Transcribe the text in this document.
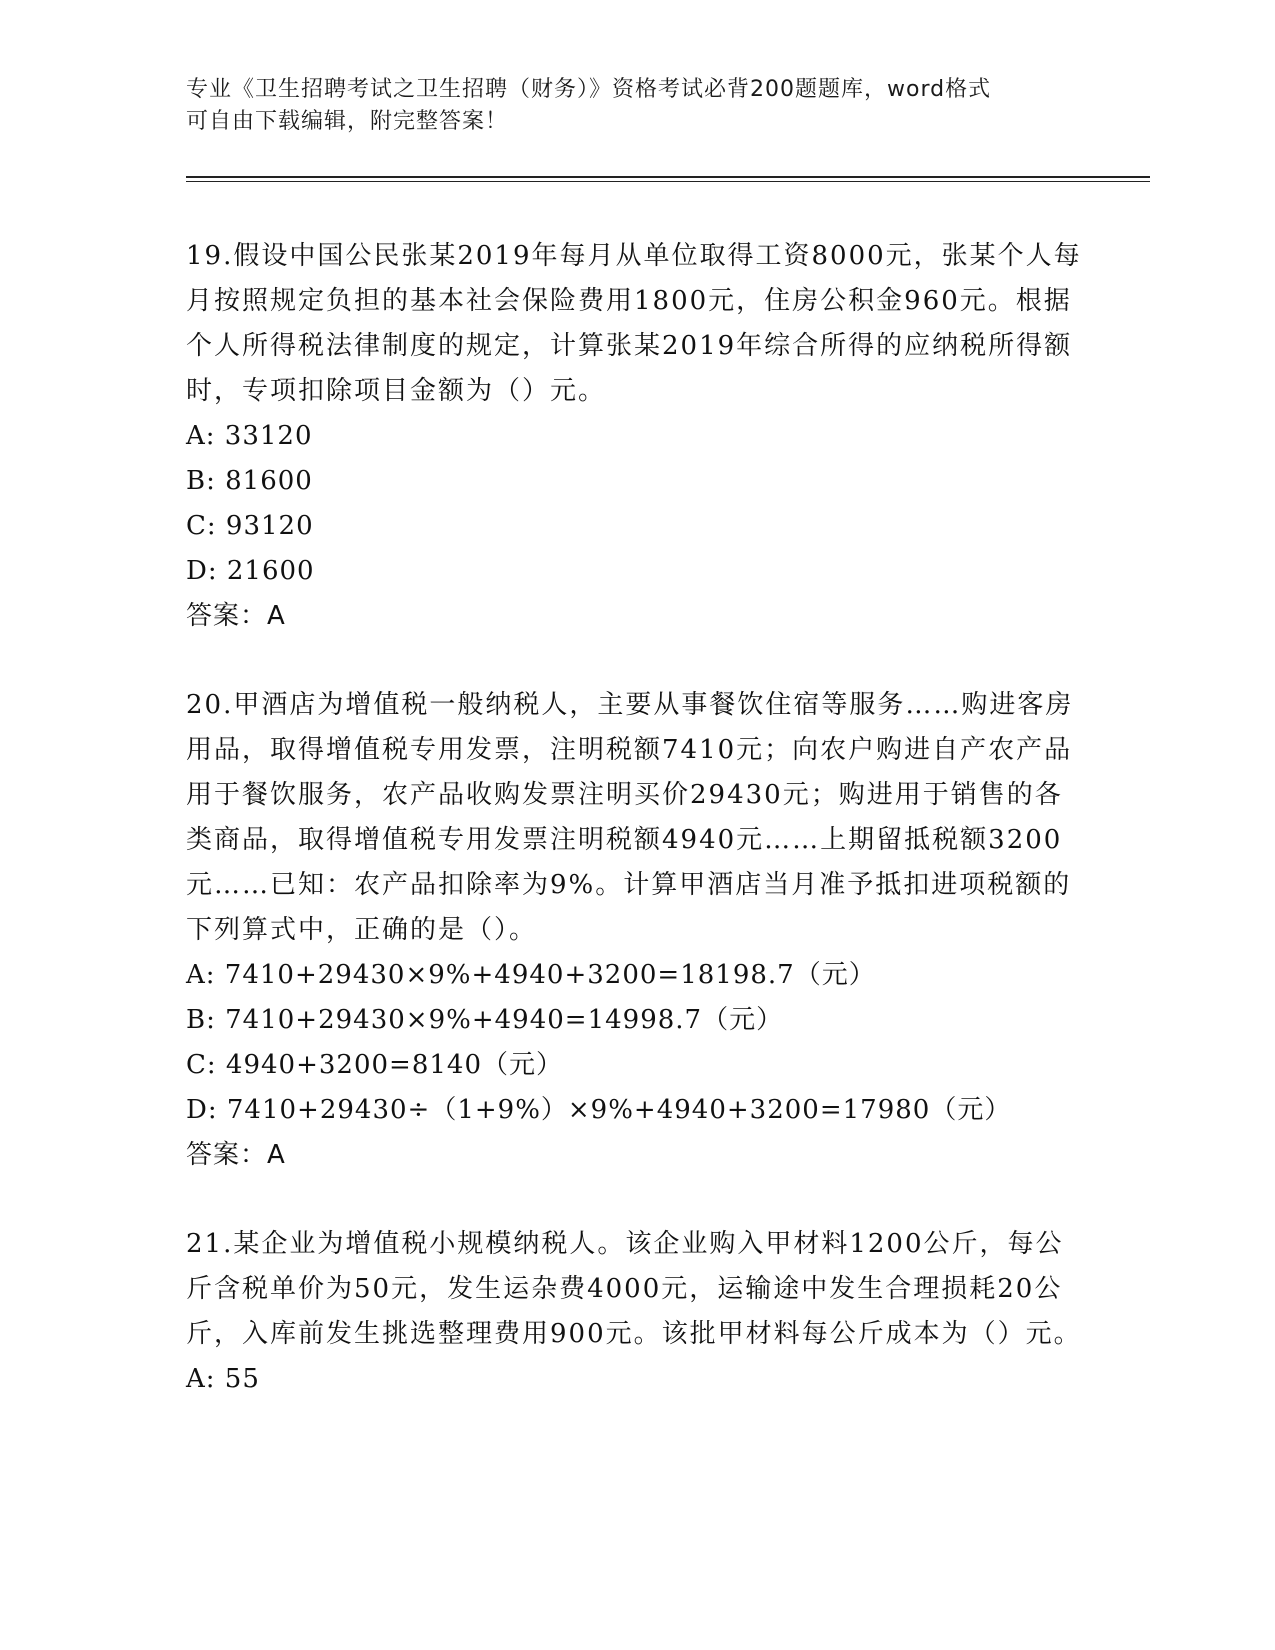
专业《卫生招聘考试之卫生招聘（财务）》资格考试必背200题题库，word格式
可自由下载编辑，附完整答案！

19.假设中国公民张某2019年每月从单位取得工资8000元，张某个人每月按照规定负担的基本社会保险费用1800元，住房公积金960元。根据个人所得税法律制度的规定，计算张某2019年综合所得的应纳税所得额时，专项扣除项目金额为（）元。

A: 33120

B: 81600

C: 93120

D: 21600

答案：A

20.甲酒店为增值税一般纳税人，主要从事餐饮住宿等服务……购进客房用品，取得增值税专用发票，注明税额7410元；向农户购进自产农产品用于餐饮服务，农产品收购发票注明买价29430元；购进用于销售的各类商品，取得增值税专用发票注明税额4940元……上期留抵税额3200元……已知：农产品扣除率为9%。计算甲酒店当月准予抵扣进项税额的下列算式中，正确的是（）。

A: 7410+29430×9%+4940+3200=18198.7（元）

B: 7410+29430×9%+4940=14998.7（元）

C: 4940+3200=8140（元）

D: 7410+29430÷（1+9%）×9%+4940+3200=17980（元）

答案：A

21.某企业为增值税小规模纳税人。该企业购入甲材料1200公斤，每公斤含税单价为50元，发生运杂费4000元，运输途中发生合理损耗20公斤，入库前发生挑选整理费用900元。该批甲材料每公斤成本为（）元。

A: 55
